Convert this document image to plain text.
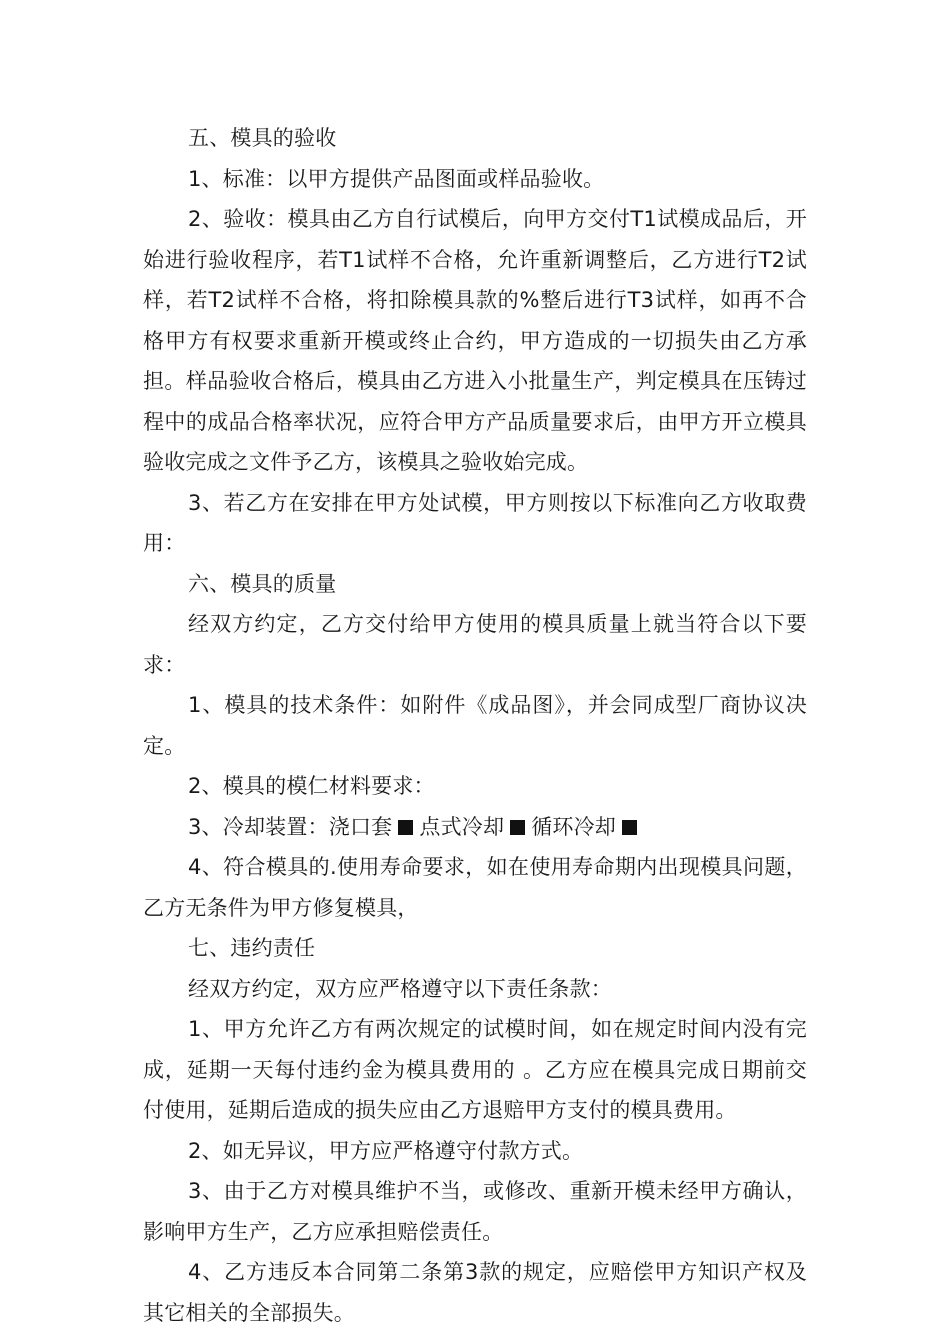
五、模具的验收

1、标准：以甲方提供产品图面或样品验收。

2、验收：模具由乙方自行试模后，向甲方交付T1试模成品后，开始进行验收程序，若T1试样不合格，允许重新调整后，乙方进行T2试样，若T2试样不合格，将扣除模具款的%整后进行T3试样，如再不合格甲方有权要求重新开模或终止合约，甲方造成的一切损失由乙方承担。样品验收合格后，模具由乙方进入小批量生产，判定模具在压铸过程中的成品合格率状况，应符合甲方产品质量要求后，由甲方开立模具验收完成之文件予乙方，该模具之验收始完成。

3、若乙方在安排在甲方处试模，甲方则按以下标准向乙方收取费用：

六、模具的质量

经双方约定，乙方交付给甲方使用的模具质量上就当符合以下要求：

1、模具的技术条件：如附件《成品图》，并会同成型厂商协议决定。

2、模具的模仁材料要求：

3、冷却装置：浇口套 点式冷却 循环冷却

4、符合模具的.使用寿命要求，如在使用寿命期内出现模具问题，乙方无条件为甲方修复模具，

七、违约责任

经双方约定，双方应严格遵守以下责任条款：

1、甲方允许乙方有两次规定的试模时间，如在规定时间内没有完成，延期一天每付违约金为模具费用的 。乙方应在模具完成日期前交付使用，延期后造成的损失应由乙方退赔甲方支付的模具费用。

2、如无异议，甲方应严格遵守付款方式。

3、由于乙方对模具维护不当，或修改、重新开模未经甲方确认，影响甲方生产，乙方应承担赔偿责任。

4、乙方违反本合同第二条第3款的规定，应赔偿甲方知识产权及其它相关的全部损失。
